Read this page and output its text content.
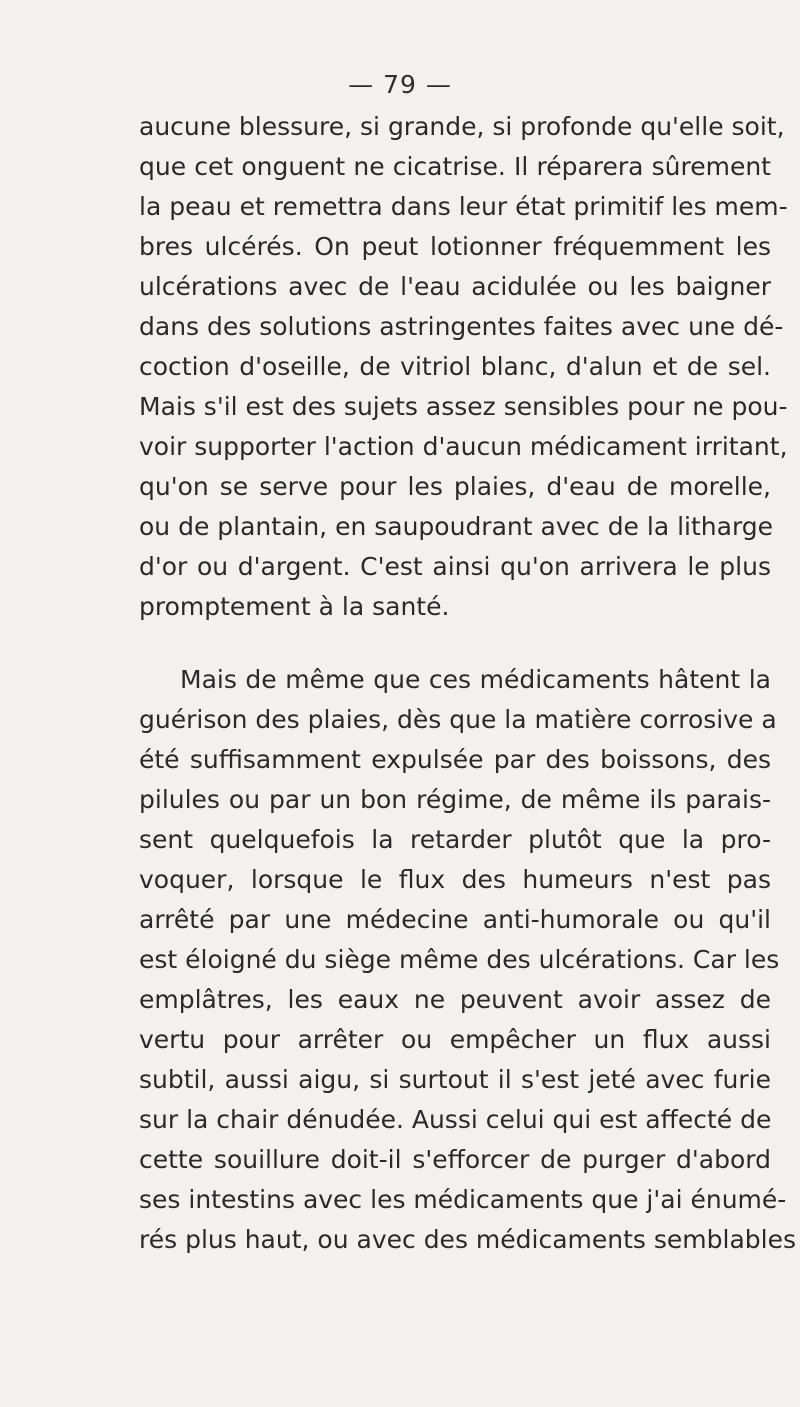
— 79 —
aucune blessure, si grande, si profonde qu'elle soit,
que cet onguent ne cicatrise. Il réparera sûrement
la peau et remettra dans leur état primitif les mem-
bres ulcérés. On peut lotionner fréquemment les
ulcérations avec de l'eau acidulée ou les baigner
dans des solutions astringentes faites avec une dé-
coction d'oseille, de vitriol blanc, d'alun et de sel.
Mais s'il est des sujets assez sensibles pour ne pou-
voir supporter l'action d'aucun médicament irritant,
qu'on se serve pour les plaies, d'eau de morelle,
ou de plantain, en saupoudrant avec de la litharge
d'or ou d'argent. C'est ainsi qu'on arrivera le plus
promptement à la santé.
Mais de même que ces médicaments hâtent la
guérison des plaies, dès que la matière corrosive a
été suffisamment expulsée par des boissons, des
pilules ou par un bon régime, de même ils parais-
sent quelquefois la retarder plutôt que la pro-
voquer, lorsque le flux des humeurs n'est pas
arrêté par une médecine anti-humorale ou qu'il
est éloigné du siège même des ulcérations. Car les
emplâtres, les eaux ne peuvent avoir assez de
vertu pour arrêter ou empêcher un flux aussi
subtil, aussi aigu, si surtout il s'est jeté avec furie
sur la chair dénudée. Aussi celui qui est affecté de
cette souillure doit-il s'efforcer de purger d'abord
ses intestins avec les médicaments que j'ai énumé-
rés plus haut, ou avec des médicaments semblables
